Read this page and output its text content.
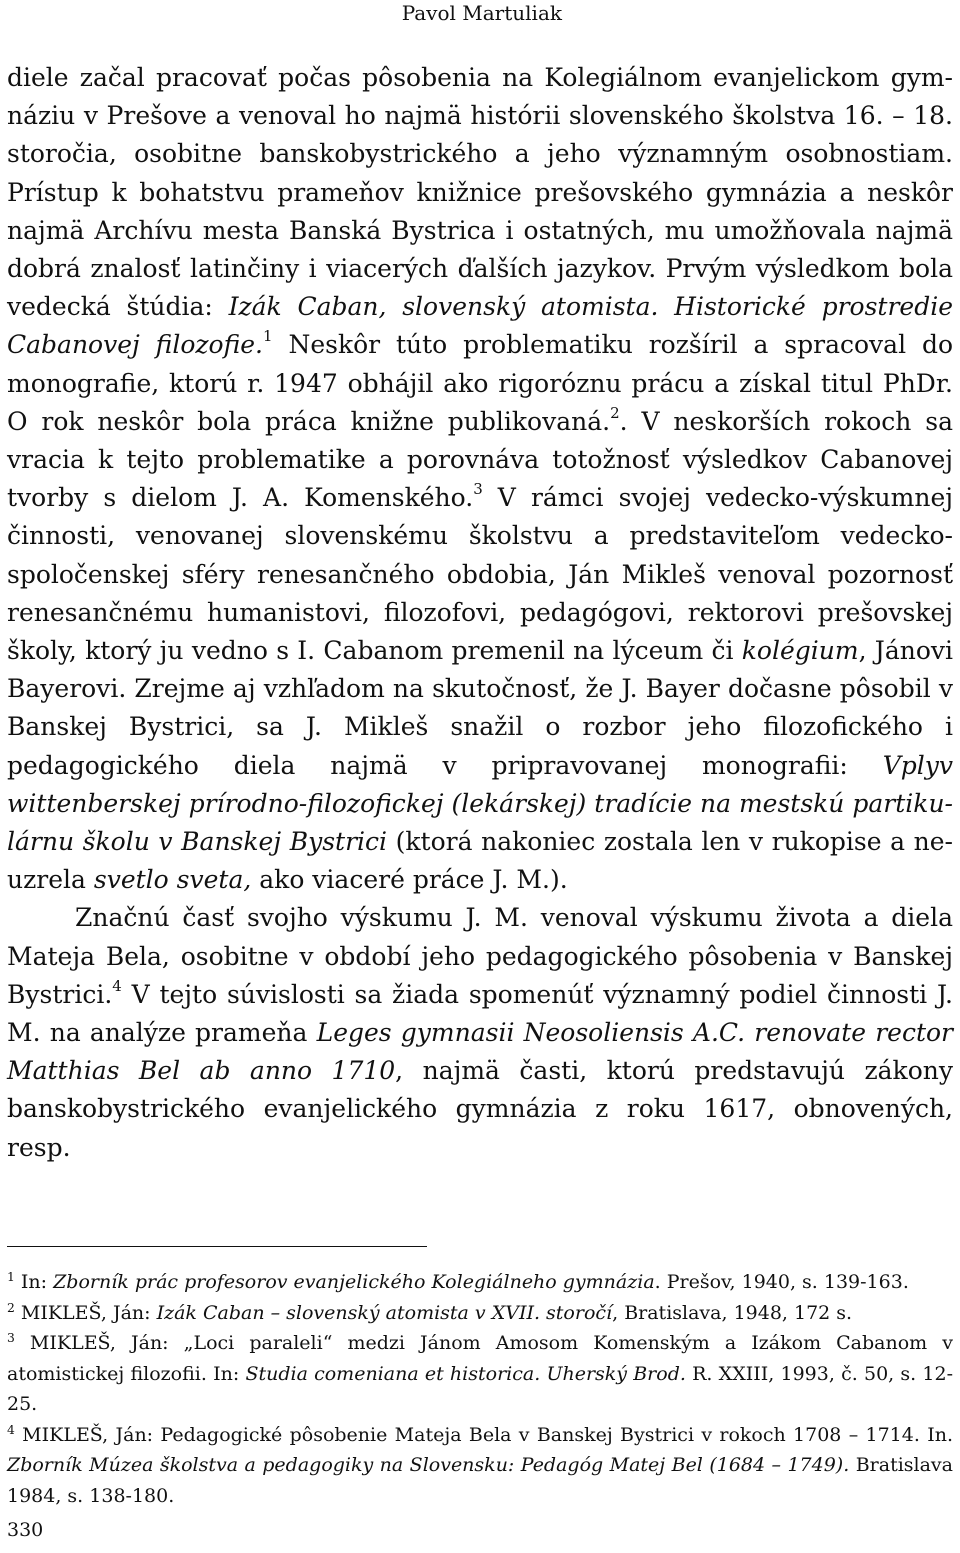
Pavol Martuliak

diele začal pracovať počas pôsobenia na Kolegiálnom evanjelickom gymnáziu v Prešove a venoval ho najmä histórii slovenského školstva 16. – 18. storočia, osobitne banskobystrického a jeho významným osobnostiam. Prístup k bohatstvu prameňov knižnice prešovského gymnázia a neskôr najmä Archívu mesta Banská Bystrica i ostatných, mu umožňovala najmä dobrá znalosť latinčiny i viacerých ďalších jazykov. Prvým výsledkom bola vedecká štúdia: Izák Caban, slovenský atomista. Historické prostredie Cabanovej filozofie.$^1$ Neskôr túto problematiku rozšíril a spracoval do monografie, ktorú r. 1947 obhájil ako rigoróznu prácu a získal titul PhDr. O rok neskôr bola práca knižne publikovaná.$^2$. V neskorších rokoch sa vracia k tejto problematike a porovnáva totožnosť výsledkov Cabanovej tvorby s dielom J. A. Komenského.$^3$ V rámci svojej vedecko-výskumnej činnosti, venovanej slovenskému školstvu a predstaviteľom vedecko-spoločenskej sféry renesančného obdobia, Ján Mikleš venoval pozornosť renesančnému humanistovi, filozofovi, pedagógovi, rektorovi prešovskej školy, ktorý ju vedno s I. Cabanom premenil na lýceum či kolégium, Jánovi Bayerovi. Zrejme aj vzhľadom na skutočnosť, že J. Bayer dočasne pôsobil v Banskej Bystrici, sa J. Mikleš snažil o rozbor jeho filozofického i pedagogického diela najmä v pripravovanej monografii: Vplyv wittenberskej prírodno-filozofickej (lekárskej) tradície na mestskú partikulárnu školu v Banskej Bystrici (ktorá nakoniec zostala len v rukopise a neuzrela svetlo sveta, ako viaceré práce J. M.).

Značnú časť svojho výskumu J. M. venoval výskumu života a diela Mateja Bela, osobitne v období jeho pedagogického pôsobenia v Banskej Bystrici.$^4$ V tejto súvislosti sa žiada spomenúť významný podiel činnosti J. M. na analýze prameňa Leges gymnasii Neosoliensis A.C. renovate rector Matthias Bel ab anno 1710, najmä časti, ktorú predstavujú zákony banskobystrického evanjelického gymnázia z roku 1617, obnovených, resp.

$^1$ In: Zborník prác profesorov evanjelického Kolegiálneho gymnázia. Prešov, 1940, s. 139-163.

$^2$ MIKLEŠ, Ján: Izák Caban – slovenský atomista v XVII. storočí, Bratislava, 1948, 172 s.

$^3$ MIKLEŠ, Ján: „Loci paraleli“ medzi Jánom Amosom Komenským a Izákom Cabanom v atomistickej filozofii. In: Studia comeniana et historica. Uherský Brod. R. XXIII, 1993, č. 50, s. 12-25.

$^4$ MIKLEŠ, Ján: Pedagogické pôsobenie Mateja Bela v Banskej Bystrici v rokoch 1708 – 1714. In. Zborník Múzea školstva a pedagogiky na Slovensku: Pedagóg Matej Bel (1684 – 1749). Bratislava 1984, s. 138-180.

330
